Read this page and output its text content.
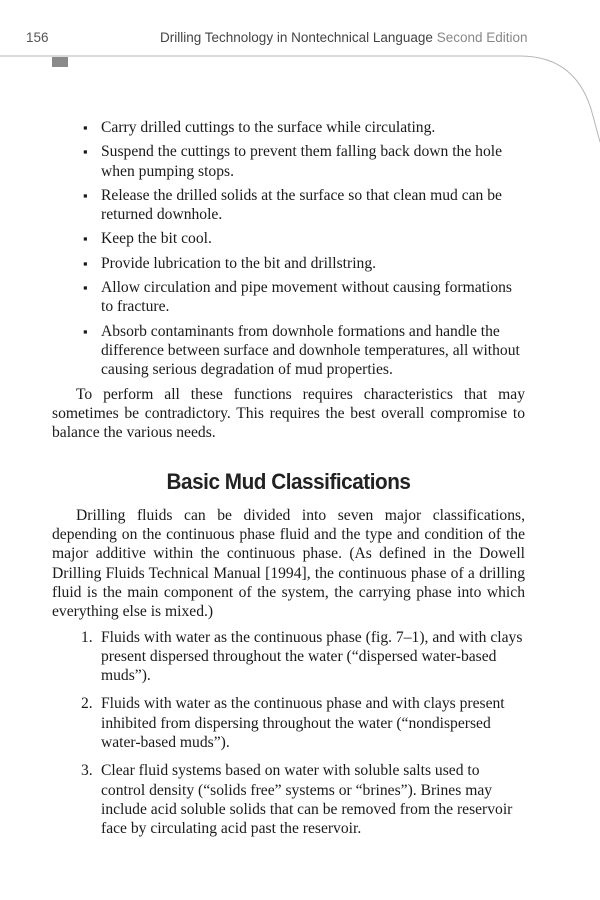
156	Drilling Technology in Nontechnical Language Second Edition
▪ Carry drilled cuttings to the surface while circulating.
▪ Suspend the cuttings to prevent them falling back down the hole when pumping stops.
▪ Release the drilled solids at the surface so that clean mud can be returned downhole.
▪ Keep the bit cool.
▪ Provide lubrication to the bit and drillstring.
▪ Allow circulation and pipe movement without causing formations to fracture.
▪ Absorb contaminants from downhole formations and handle the difference between surface and downhole temperatures, all without causing serious degradation of mud properties.

To perform all these functions requires characteristics that may sometimes be contradictory. This requires the best overall compromise to balance the various needs.

Basic Mud Classifications

Drilling fluids can be divided into seven major classifications, depending on the continuous phase fluid and the type and condition of the major additive within the continuous phase. (As defined in the Dowell Drilling Fluids Technical Manual [1994], the continuous phase of a drilling fluid is the main component of the system, the carrying phase into which everything else is mixed.)

1. Fluids with water as the continuous phase (fig. 7–1), and with clays present dispersed throughout the water (“dispersed water-based muds”).
2. Fluids with water as the continuous phase and with clays present inhibited from dispersing throughout the water (“nondispersed water-based muds”).
3. Clear fluid systems based on water with soluble salts used to control density (“solids free” systems or “brines”). Brines may include acid soluble solids that can be removed from the reservoir face by circulating acid past the reservoir.
